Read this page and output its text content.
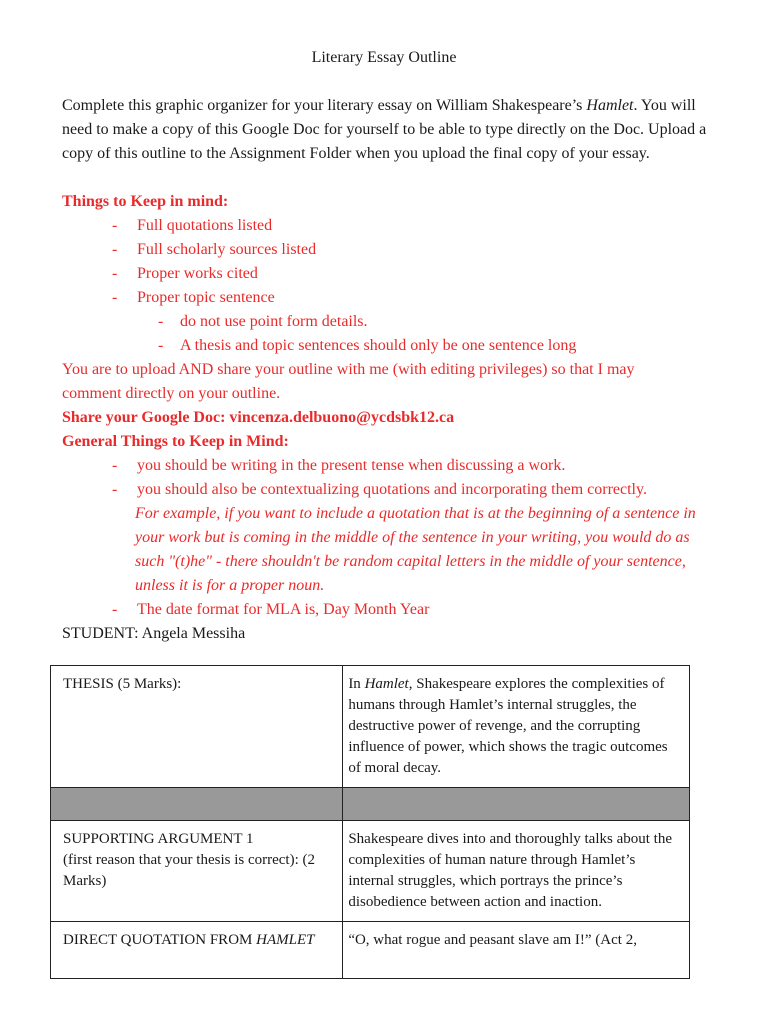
Literary Essay Outline

Complete this graphic organizer for your literary essay on William Shakespeare’s Hamlet. You will need to make a copy of this Google Doc for yourself to be able to type directly on the Doc. Upload a copy of this outline to the Assignment Folder when you upload the final copy of your essay.

Things to Keep in mind:
- Full quotations listed
- Full scholarly sources listed
- Proper works cited
- Proper topic sentence
- do not use point form details.
- A thesis and topic sentences should only be one sentence long
You are to upload AND share your outline with me (with editing privileges) so that I may
comment directly on your outline.
Share your Google Doc: vincenza.delbuono@ycdsbk12.ca
General Things to Keep in Mind:
- you should be writing in the present tense when discussing a work.
- you should also be contextualizing quotations and incorporating them correctly.
For example, if you want to include a quotation that is at the beginning of a sentence in
your work but is coming in the middle of the sentence in your writing, you would do as
such "(t)he" - there shouldn't be random capital letters in the middle of your sentence,
unless it is for a proper noun.
- The date format for MLA is, Day Month Year
STUDENT: Angela Messiha
THESIS (5 Marks):	In Hamlet, Shakespeare explores the complexities of humans through Hamlet’s internal struggles, the destructive power of revenge, and the corrupting influence of power, which shows the tragic outcomes of moral decay.

SUPPORTING ARGUMENT 1
(first reason that your thesis is correct): (2 Marks)	Shakespeare dives into and thoroughly talks about the complexities of human nature through Hamlet’s internal struggles, which portrays the prince’s disobedience between action and inaction.

DIRECT QUOTATION FROM HAMLET	“O, what rogue and peasant slave am I!” (Act 2,
